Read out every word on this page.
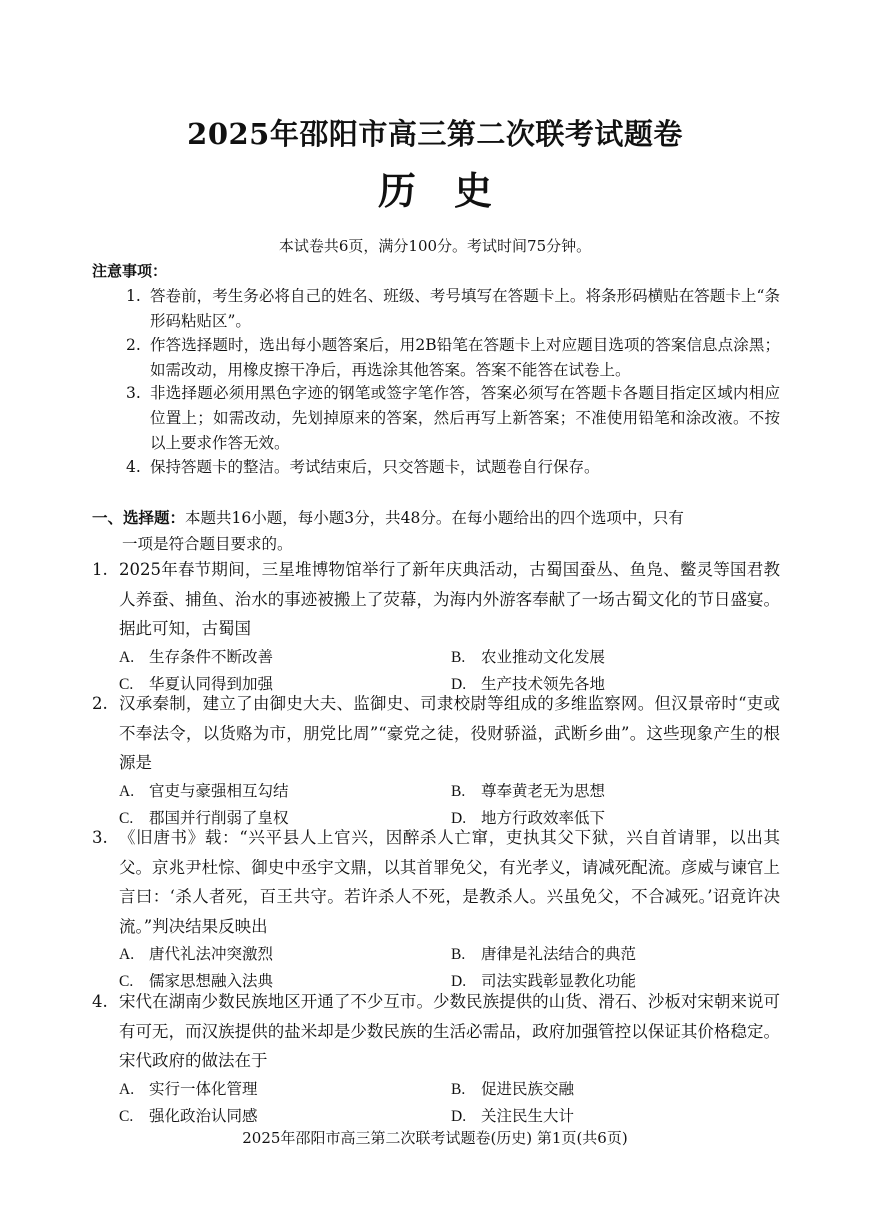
2025年邵阳市高三第二次联考试题卷
历史
本试卷共6页，满分100分。考试时间75分钟。
注意事项：
1. 答卷前，考生务必将自己的姓名、班级、考号填写在答题卡上。将条形码横贴在答题卡上“条形码粘贴区”。
2. 作答选择题时，选出每小题答案后，用2B铅笔在答题卡上对应题目选项的答案信息点涂黑；如需改动，用橡皮擦干净后，再选涂其他答案。答案不能答在试卷上。
3. 非选择题必须用黑色字迹的钢笔或签字笔作答，答案必须写在答题卡各题目指定区域内相应位置上；如需改动，先划掉原来的答案，然后再写上新答案；不准使用铅笔和涂改液。不按以上要求作答无效。
4. 保持答题卡的整洁。考试结束后，只交答题卡，试题卷自行保存。
一、选择题：本题共16小题，每小题3分，共48分。在每小题给出的四个选项中，只有
一项是符合题目要求的。
1. 2025年春节期间，三星堆博物馆举行了新年庆典活动，古蜀国蚕丛、鱼凫、鳖灵等国君教人养蚕、捕鱼、治水的事迹被搬上了荧幕，为海内外游客奉献了一场古蜀文化的节日盛宴。据此可知，古蜀国
A. 生存条件不断改善	B. 农业推动文化发展
C. 华夏认同得到加强	D. 生产技术领先各地
2. 汉承秦制，建立了由御史大夫、监御史、司隶校尉等组成的多维监察网。但汉景帝时“吏或不奉法令，以货赂为市，朋党比周”“豪党之徒，役财骄溢，武断乡曲”。这些现象产生的根源是
A. 官吏与豪强相互勾结	B. 尊奉黄老无为思想
C. 郡国并行削弱了皇权	D. 地方行政效率低下
3. 《旧唐书》载：“兴平县人上官兴，因醉杀人亡窜，吏执其父下狱，兴自首请罪，以出其父。京兆尹杜悰、御史中丞宇文鼎，以其首罪免父，有光孝义，请减死配流。彦威与谏官上言曰：‘杀人者死，百王共守。若许杀人不死，是教杀人。兴虽免父，不合减死。’诏竟许决流。”判决结果反映出
A. 唐代礼法冲突激烈	B. 唐律是礼法结合的典范
C. 儒家思想融入法典	D. 司法实践彰显教化功能
4. 宋代在湖南少数民族地区开通了不少互市。少数民族提供的山货、滑石、沙板对宋朝来说可有可无，而汉族提供的盐米却是少数民族的生活必需品，政府加强管控以保证其价格稳定。宋代政府的做法在于
A. 实行一体化管理	B. 促进民族交融
C. 强化政治认同感	D. 关注民生大计
2025年邵阳市高三第二次联考试题卷(历史) 第1页(共6页)
